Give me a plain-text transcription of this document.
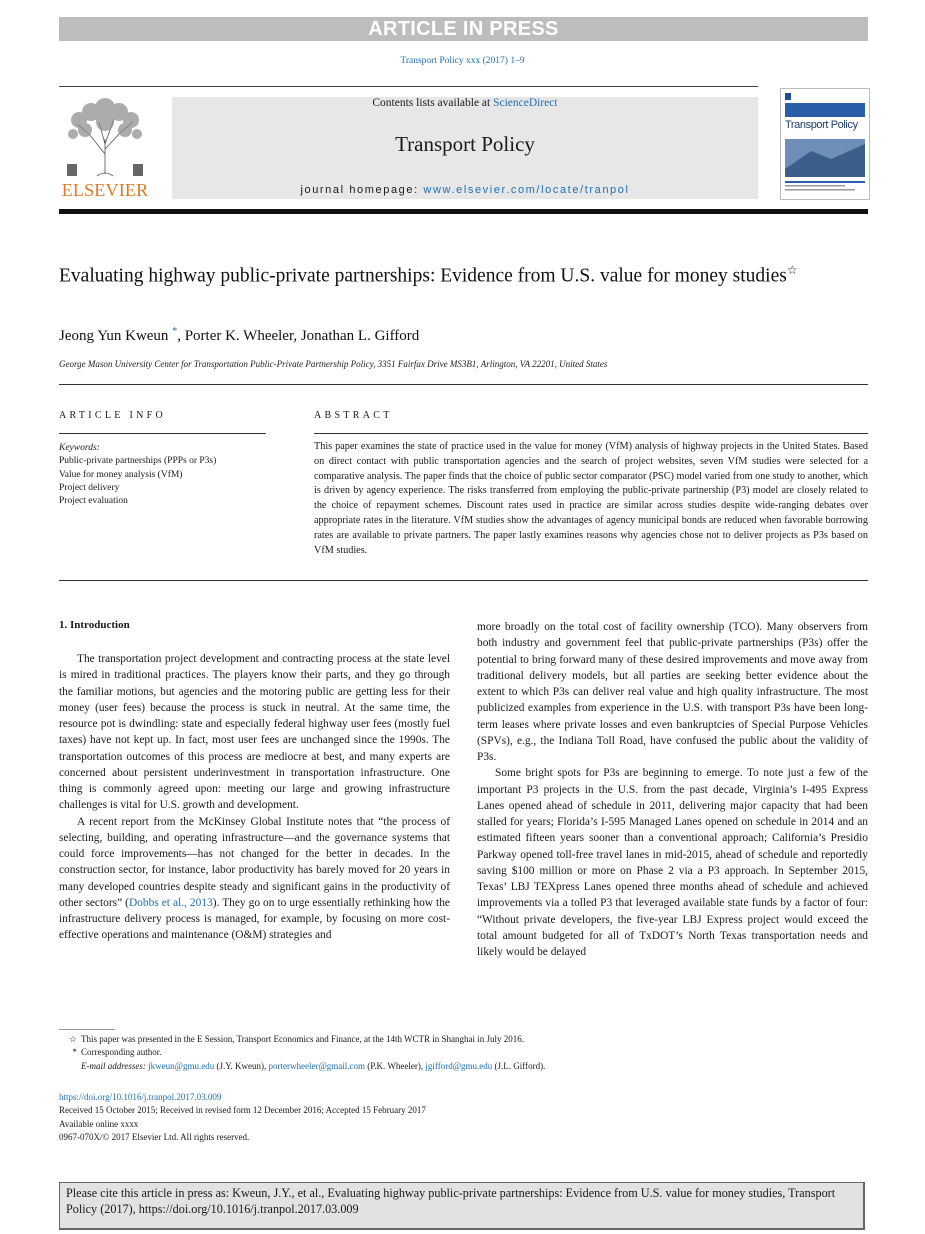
ARTICLE IN PRESS
Transport Policy xxx (2017) 1–9
ELSEVIER
Contents lists available at ScienceDirect
Transport Policy
journal homepage: www.elsevier.com/locate/tranpol
Transport Policy
Evaluating highway public-private partnerships: Evidence from U.S. value for money studies☆
Jeong Yun Kweun *, Porter K. Wheeler, Jonathan L. Gifford
George Mason University Center for Transportation Public-Private Partnership Policy, 3351 Fairfax Drive MS3B1, Arlington, VA 22201, United States
ARTICLE INFO	ABSTRACT
Keywords:
Public-private partnerships (PPPs or P3s)
Value for money analysis (VfM)
Project delivery
Project evaluation
This paper examines the state of practice used in the value for money (VfM) analysis of highway projects in the United States. Based on direct contact with public transportation agencies and the search of project websites, seven VfM studies were selected for a comparative analysis. The paper finds that the choice of public sector comparator (PSC) model varied from one study to another, which is driven by agency experience. The risks transferred from employing the public-private partnership (P3) model are closely related to the choice of repayment schemes. Discount rates used in practice are similar across studies despite wide-ranging debates over appropriate rates in the literature. VfM studies show the advantages of agency municipal bonds are reduced when favorable borrowing rates are available to private partners. The paper lastly examines reasons why agencies chose not to deliver projects as P3s based on VfM studies.
1. Introduction

The transportation project development and contracting process at the state level is mired in traditional practices. The players know their parts, and they go through the familiar motions, but agencies and the motoring public are getting less for their money (user fees) because the process is stuck in neutral. At the same time, the resource pot is dwindling: state and especially federal highway user fees (mostly fuel taxes) have not kept up. In fact, most user fees are unchanged since the 1990s. The transportation outcomes of this process are mediocre at best, and many experts are concerned about persistent underinvestment in transportation infrastructure. One thing is commonly agreed upon: meeting our large and growing infrastructure challenges is vital for U.S. growth and development.

A recent report from the McKinsey Global Institute notes that “the process of selecting, building, and operating infrastructure—and the governance systems that could force improvements—has not changed for the better in decades. In the construction sector, for instance, labor productivity has barely moved for 20 years in many developed countries despite steady and significant gains in the productivity of other sectors” (Dobbs et al., 2013). They go on to urge essentially rethinking how the infrastructure delivery process is managed, for example, by focusing on more cost-effective operations and maintenance (O&M) strategies and

more broadly on the total cost of facility ownership (TCO). Many observers from both industry and government feel that public-private partnerships (P3s) offer the potential to bring forward many of these desired improvements and move away from traditional delivery models, but all parties are seeking better evidence about the extent to which P3s can deliver real value and high quality infrastructure. The most publicized examples from experience in the U.S. with transport P3s have been long-term leases where private losses and even bankruptcies of Special Purpose Vehicles (SPVs), e.g., the Indiana Toll Road, have confused the public about the validity of P3s.

Some bright spots for P3s are beginning to emerge. To note just a few of the important P3 projects in the U.S. from the past decade, Virginia’s I-495 Express Lanes opened ahead of schedule in 2011, delivering major capacity that had been stalled for years; Florida’s I-595 Managed Lanes opened on schedule in 2014 and an estimated fifteen years sooner than a conventional approach; California’s Presidio Parkway opened toll-free travel lanes in mid-2015, ahead of schedule and reportedly saving $100 million or more on Phase 2 via a P3 approach. In September 2015, Texas’ LBJ TEXpress Lanes opened three months ahead of schedule and achieved improvements via a tolled P3 that leveraged available state funds by a factor of four: “Without private developers, the five-year LBJ Express project would exceed the total amount budgeted for all of TxDOT’s North Texas transportation needs and likely would be delayed

☆ This paper was presented in the E Session, Transport Economics and Finance, at the 14th WCTR in Shanghai in July 2016.
* Corresponding author.
E-mail addresses: jkweun@gmu.edu (J.Y. Kweun), porterwheeler@gmail.com (P.K. Wheeler), jgifford@gmu.edu (J.L. Gifford).
https://doi.org/10.1016/j.tranpol.2017.03.009
Received 15 October 2015; Received in revised form 12 December 2016; Accepted 15 February 2017
Available online xxxx
0967-070X/© 2017 Elsevier Ltd. All rights reserved.
Please cite this article in press as: Kweun, J.Y., et al., Evaluating highway public-private partnerships: Evidence from U.S. value for money studies, Transport Policy (2017), https://doi.org/10.1016/j.tranpol.2017.03.009
